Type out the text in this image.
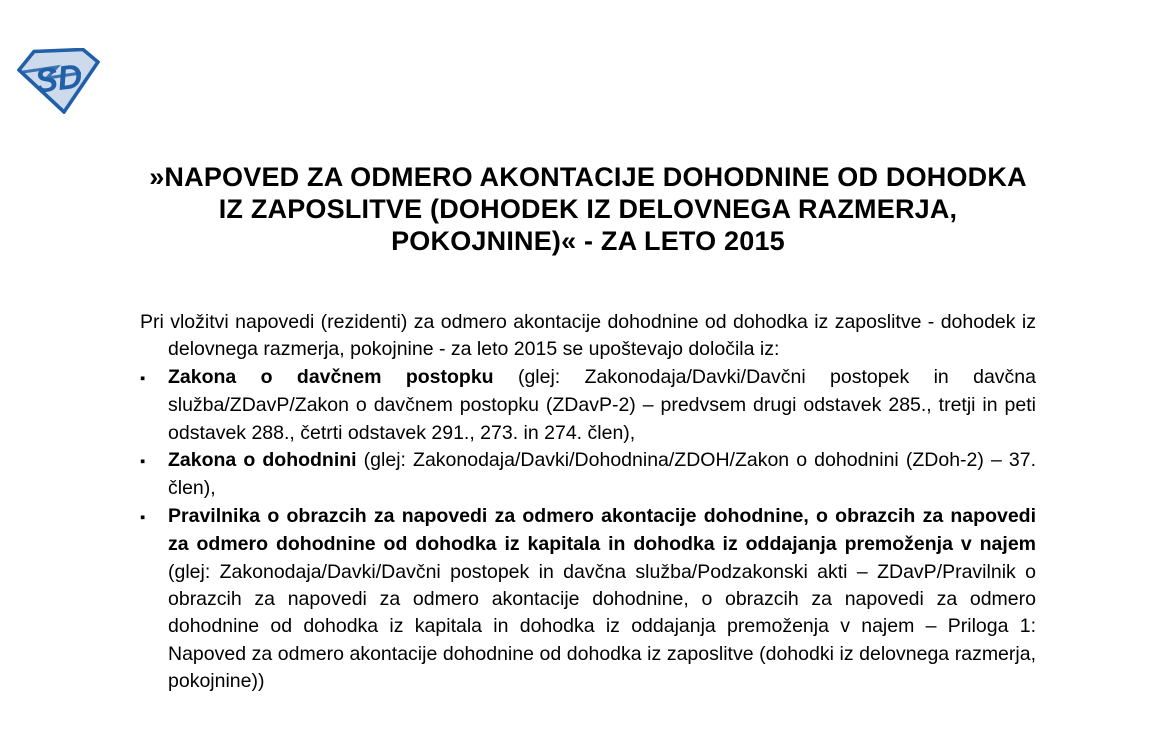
SD
»NAPOVED ZA ODMERO AKONTACIJE DOHODNINE OD DOHODKA
IZ ZAPOSLITVE (DOHODEK IZ DELOVNEGA RAZMERJA,
POKOJNINE)« - ZA LETO 2015

Pri vložitvi napovedi (rezidenti) za odmero akontacije dohodnine od dohodka iz zaposlitve - dohodek iz delovnega razmerja, pokojnine - za leto 2015 se upoštevajo določila iz:

▪ Zakona o davčnem postopku (glej: Zakonodaja/Davki/Davčni postopek in davčna služba/ZDavP/Zakon o davčnem postopku (ZDavP-2) – predvsem drugi odstavek 285., tretji in peti odstavek 288., četrti odstavek 291., 273. in 274. člen),
▪ Zakona o dohodnini (glej: Zakonodaja/Davki/Dohodnina/ZDOH/Zakon o dohodnini (ZDoh-2) – 37. člen),
▪ Pravilnika o obrazcih za napovedi za odmero akontacije dohodnine, o obrazcih za napovedi za odmero dohodnine od dohodka iz kapitala in dohodka iz oddajanja premoženja v najem (glej: Zakonodaja/Davki/Davčni postopek in davčna služba/Podzakonski akti – ZDavP/Pravilnik o obrazcih za napovedi za odmero akontacije dohodnine, o obrazcih za napovedi za odmero dohodnine od dohodka iz kapitala in dohodka iz oddajanja premoženja v najem – Priloga 1: Napoved za odmero akontacije dohodnine od dohodka iz zaposlitve (dohodki iz delovnega razmerja, pokojnine))
